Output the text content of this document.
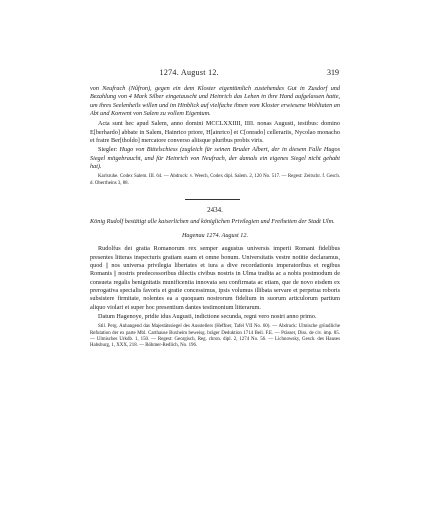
1274. August 12.	319

von Neufrach (Nûfron), gegen ein dem Kloster eigentümlich zustehendes Gut in Zusdorf und Bezahlung von 4 Mark Silber eingetauscht und Heinrich das Lehen in ihre Hand aufgelassen hatte, um ihres Seelenheils willen und im Hinblick auf vielfache ihnen vom Kloster erwiesene Wohltaten an Abt und Konvent von Salem zu vollem Eigentum.

Acta sunt hec apud Salem, anno domini MCCLXXIIII, IIII. nonas Augusti, testibus: domino E[berhardo] abbate in Salem, Hainrico priore, H[ainrico] et C[onrado] cellerariis, Nycolao monacho et fratre Ber[tholdo] mercatore converso aliisque pluribus probis viris.

Siegler: Hugo von Bittelschiess (zugleich für seinen Bruder Albert, der in diesem Falle Hugos Siegel mitgebraucht, und für Heinrich von Neufrach, der damals ein eigenes Siegel nicht gehabt hat).

Karlsruhe. Codex Salem. III. 64. — Abdruck: v. Weech, Codex dipl. Salem. 2, 120 No. 517. — Regest: Zeitschr. f. Gesch. d. Oberrheins 3, 88.

2434.

König Rudolf bestätigt alle kaiserlichen und königlichen Privilegien und Freiheiten der Stadt Ulm.

Hagenau 1274. August 12.

Rudolfus dei gratia Romanorum rex semper augustus universis imperii Romani fidelibus presentes litteras inspecturis gratiam suam et omne bonum. Universitatis vestre notitie declaramus, quod || nos universa privilegia libertates et iura a dive recordationis imperatoribus et regibus Romanis || nostris predecessoribus dilectis civibus nostris in Ulma tradita ac a nobis postmodum de consueta regalis benignitatis munificentia innovata seu confirmata ac etiam, que de novo eisdem ex prerogativa specialis favoris et gratie concessimus, ipsis volumus illibata servare et perpetua roboris subsistere firmitate, nolentes ea a quoquam nostrorum fidelium in suorum articulorum partium aliquo violari et super hoc presentium dantes testimonium litterarum.

Datum Hagenoye, pridie idus Augusti, indictione secunda, regni vero nostri anno primo.

Stil. Perg. Anhangend das Majestätssiegel des Ausstellers (Heffner, Tafel VII No. 60). — Abdruck: Ulmische gründliche Refutation der ex parte Mbl. Carthause Buxheim beweisg. bräger Deduktion 1714 Beil. F.E. — Prässer, Diss. de civ. imp. 85. — Ulmisches Urkdb. 1, 150. — Regest: Georgisch, Reg. chron. dipl. 2, 1274 No. 56. — Lichnowsky, Gesch. des Hauses Habsburg, 1, XXX, 218. — Böhmer-Redlich, No. 196.
